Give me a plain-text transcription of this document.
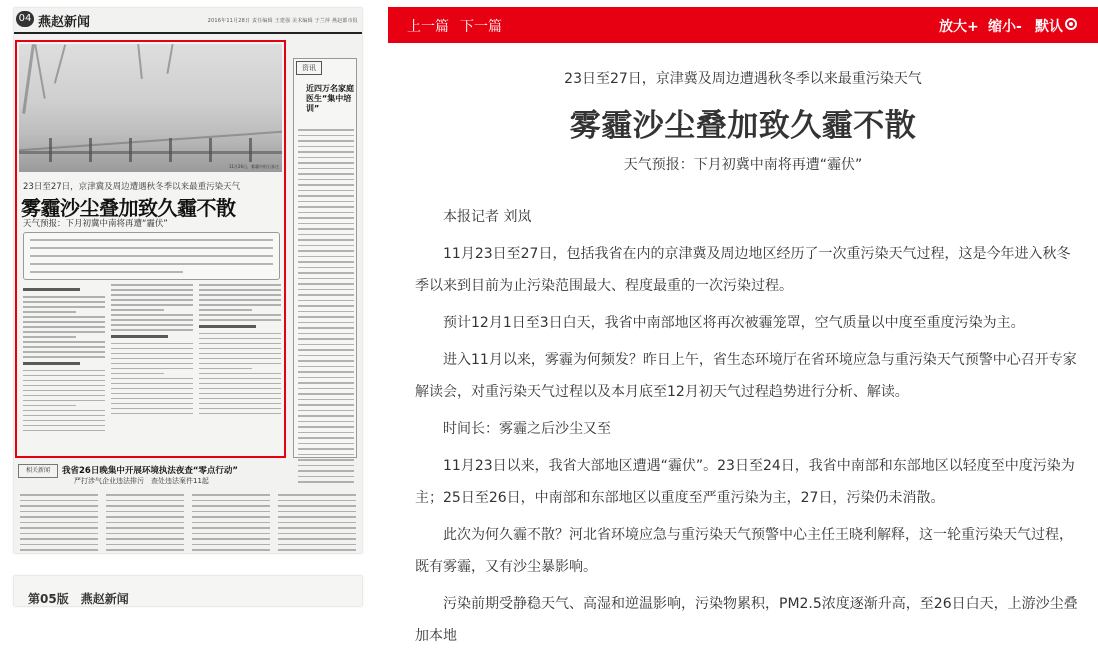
04 燕赵新闻	2016年11月28日 责任编辑 王建强 美术编辑 于兰萍 燕赵都市报
11月26日，雾霾中的石家庄
23日至27日，京津冀及周边遭遇秋冬季以来最重污染天气
雾霾沙尘叠加致久霾不散
天气预报：下月初冀中南将再遭“霾伏”
资讯
近四万名家庭医生“集中培训”
相关新闻	我省26日晚集中开展环境执法夜查“零点行动”
严打涉气企业违法排污　查处违法案件11起
第05版　燕赵新闻
上一篇 下一篇	放大+ 缩小- 默认
23日至27日，京津冀及周边遭遇秋冬季以来最重污染天气
雾霾沙尘叠加致久霾不散
天气预报：下月初冀中南将再遭“霾伏”

本报记者 刘岚

11月23日至27日，包括我省在内的京津冀及周边地区经历了一次重污染天气过程，这是今年进入秋冬季以来到目前为止污染范围最大、程度最重的一次污染过程。

预计12月1日至3日白天，我省中南部地区将再次被霾笼罩，空气质量以中度至重度污染为主。

进入11月以来，雾霾为何频发？昨日上午，省生态环境厅在省环境应急与重污染天气预警中心召开专家解读会，对重污染天气过程以及本月底至12月初天气过程趋势进行分析、解读。

时间长：雾霾之后沙尘又至

11月23日以来，我省大部地区遭遇“霾伏”。23日至24日，我省中南部和东部地区以轻度至中度污染为主；25日至26日，中南部和东部地区以重度至严重污染为主，27日，污染仍未消散。

此次为何久霾不散？河北省环境应急与重污染天气预警中心主任王晓利解释，这一轮重污染天气过程，既有雾霾，又有沙尘暴影响。

污染前期受静稳天气、高湿和逆温影响，污染物累积，PM2.5浓度逐渐升高，至26日白天，上游沙尘叠加本地
